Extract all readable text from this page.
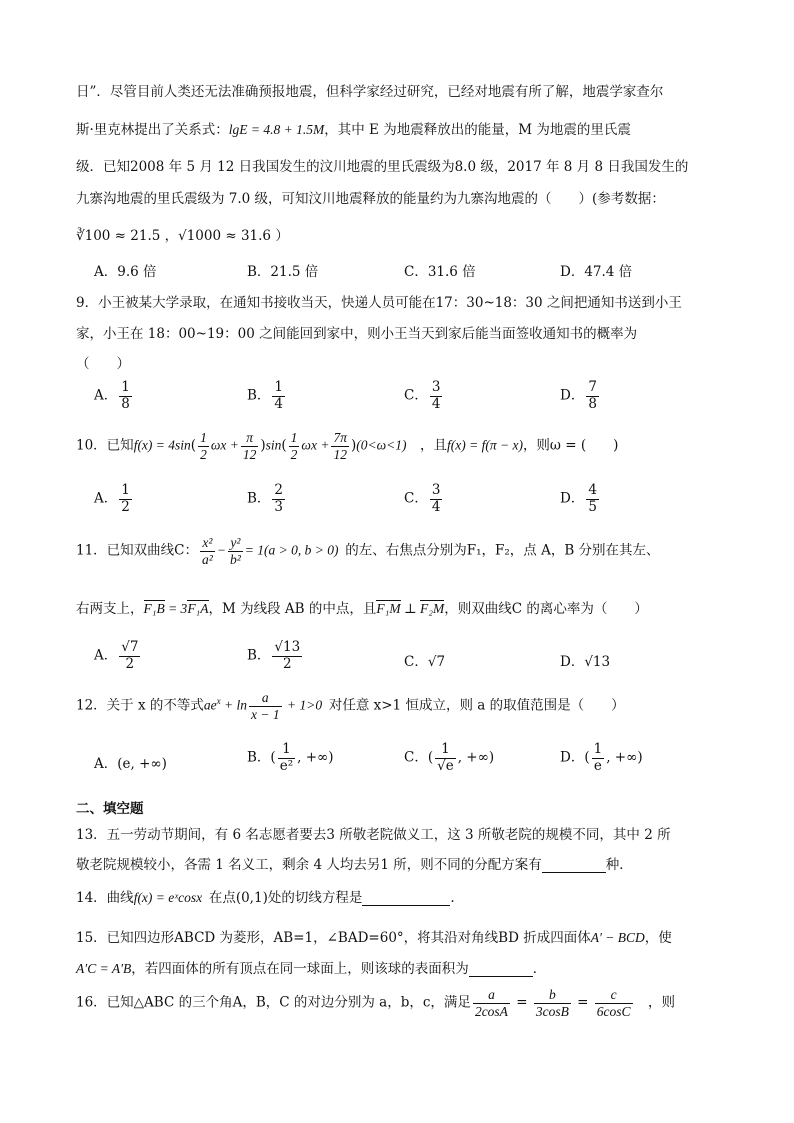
日”．尽管目前人类还无法准确预报地震，但科学家经过研究，已经对地震有所了解，地震学家查尔
斯·里克林提出了关系式：lgE = 4.8 + 1.5M，其中 E 为地震释放出的能量，M 为地震的里氏震
级．已知2008 年 5 月 12 日我国发生的汶川地震的里氏震级为8.0 级，2017 年 8 月 8 日我国发生的
九寨沟地震的里氏震级为 7.0 级，可知汶川地震释放的能量约为九寨沟地震的（　　）(参考数据：
∛100 ≈ 21.5 ，√1000 ≈ 31.6 ）
A．9.6 倍	B．21.5 倍	C．31.6 倍	D．47.4 倍
9．小王被某大学录取，在通知书接收当天，快递人员可能在17：30~18：30 之间把通知书送到小王
家，小王在 18：00~19：00 之间能回到家中，则小王当天到家后能当面签收通知书的概率为
（　　）
A． $\frac{1}{8}$	B． $\frac{1}{4}$	C． $\frac{3}{4}$	D． $\frac{7}{8}$
10．已知$f(x) = 4\sin( \frac{1}{2}$ $\omega x + \frac{\pi}{12} )\sin( \frac{1}{2}$ $\omega x + \frac{7\pi}{12} )(0<\omega<1)$  ，且f(x) = f(π − x)，则ω = (　　)
A． $\frac{1}{2}$	B． $\frac{2}{3}$	C． $\frac{3}{4}$	D． $\frac{4}{5}$
11．已知双曲线C： $\frac{\text{x²}}{\text{a²}} - \frac{\text{y²}}{\text{b²}} = 1(a > 0$, b > 0)  的左、右焦点分别为F₁，F₂，点 A，B 分别在其左、
右两支上，F₁B = 3F₁A，M 为线段 AB 的中点，且F₁M ⊥ F₂M，则双曲线C 的离心率为（　　）
A． $\frac{√7}{2}$	B． $\frac{√13}{2}$	C．√7	D．√13
12．关于 x 的不等式$ae^x + \ln \frac{a}{x - 1} + 1>0$  对任意 x>1 恒成立，则 a 的取值范围是（　　）
A．(e, +∞)	B．( $\frac{1}{\text{e²}}$ , +∞)	C．( $\frac{1}{√e}$ , +∞)	D．( $\frac{1}{e}$ , +∞)
二、填空题
13．五一劳动节期间，有 6 名志愿者要去3 所敬老院做义工，这 3 所敬老院的规模不同，其中 2 所
敬老院规模较小，各需 1 名义工，剩余 4 人均去另1 所，则不同的分配方案有	种．
14．曲线f(x) = eˣcosx  在点(0,1)处的切线方程是	.
15．已知四边形ABCD 为菱形，AB=1，∠BAD=60°，将其沿对角线BD 折成四面体A′ − BCD，使
A′C = A′B，若四面体的所有顶点在同一球面上，则该球的表面积为	．
16．已知△ABC 的三个角A，B，C 的对边分别为 a，b，c，满足 $\frac{a}{2\cos A} = \frac{b}{3\cos B} = \frac{c}{6\cos C}$
  ，则
